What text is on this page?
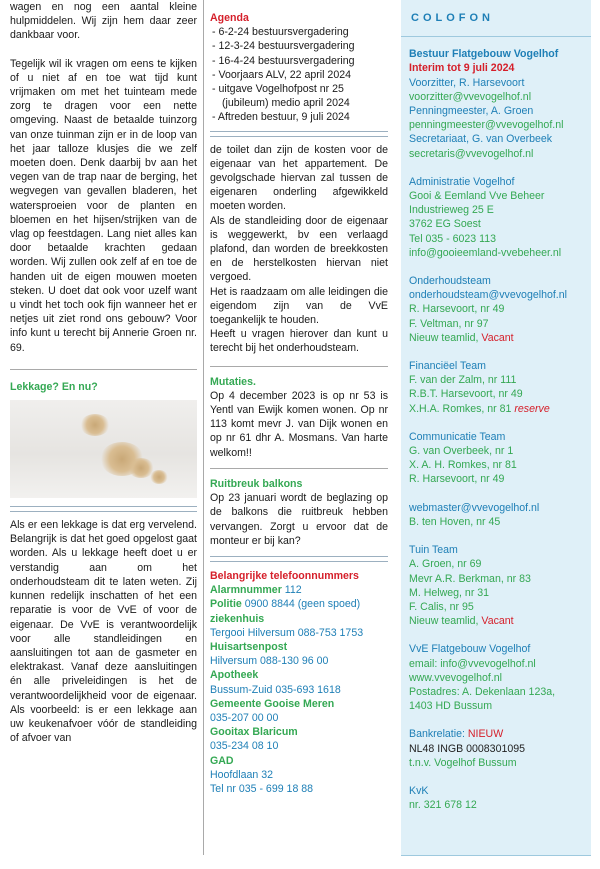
wagen en nog een aantal kleine hulpmiddelen. Wij zijn hem daar zeer dankbaar voor.

Tegelijk wil ik vragen om eens te kijken of u niet af en toe wat tijd kunt vrijmaken om met het tuinteam mede zorg te dragen voor een nette omgeving. Naast de betaalde tuinzorg van onze tuinman zijn er in de loop van het jaar talloze klusjes die we zelf moeten doen. Denk daarbij bv aan het vegen van de trap naar de berging, het wegvegen van gevallen bladeren, het watersproeien voor de planten en bloemen en het hijsen/strijken van de vlag op feestdagen. Lang niet alles kan door betaalde krachten gedaan worden. Wij zullen ook zelf af en toe de handen uit de eigen mouwen moeten steken. U doet dat ook voor uzelf want u vindt het toch ook fijn wanneer het er netjes uit ziet rond ons gebouw? Voor info kunt u terecht bij Annerie Groen nr. 69.

Lekkage? En nu?

Als er een lekkage is dat erg vervelend. Belangrijk is dat het goed opgelost gaat worden. Als u lekkage heeft doet u er verstandig aan om het onderhoudsteam dit te laten weten. Zij kunnen redelijk inschatten of het een reparatie is voor de VvE of voor de eigenaar. De VvE is verantwoordelijk voor alle standleidingen en aansluitingen tot aan de gasmeter en elektrakast. Vanaf deze aansluitingen én alle priveleidingen is het de verantwoordelijkheid voor de eigenaar. Als voorbeeld: is er een lekkage aan uw keukenafvoer vóór de standleiding of afvoer van

Agenda

- 6-2-24 bestuursvergadering
- 12-3-24 bestuursvergadering
- 16-4-24 bestuursvergadering
- Voorjaars ALV, 22 april 2024
- uitgave Vogelhofpost nr 25 (jubileum) medio april 2024
- Aftreden bestuur, 9 juli 2024

de toilet dan zijn de kosten voor de eigenaar van het appartement. De gevolgschade hiervan zal tussen de eigenaren onderling afgewikkeld moeten worden.

Als de standleiding door de eigenaar is weggewerkt, bv een verlaagd plafond, dan worden de breekkosten en de herstelkosten hiervan niet vergoed.

Het is raadzaam om alle leidingen die eigendom zijn van de VvE toegankelijk te houden.

Heeft u vragen hierover dan kunt u terecht bij het onderhoudsteam.

Mutaties.

Op 4 december 2023 is op nr 53 is Yentl van Ewijk komen wonen. Op nr 113 komt mevr J. van Dijk wonen en op nr 61 dhr A. Mosmans. Van harte welkom!!

Ruitbreuk balkons

Op 23 januari wordt de beglazing op de balkons die ruitbreuk hebben vervangen. Zorgt u ervoor dat de monteur er bij kan?

Belangrijke telefoonnummers

Alarmnummer 112

Politie 0900 8844 (geen spoed)

ziekenhuis

Tergooi Hilversum 088-753 1753

Huisartsenpost

Hilversum 088-130 96 00

Apotheek

Bussum-Zuid 035-693 1618

Gemeente Gooise Meren

035-207 00 00

Gooitax Blaricum

035-234 08 10

GAD

Hoofdlaan 32

Tel nr 035 - 699 18 88

COLOFON

Bestuur Flatgebouw Vogelhof

Interim tot 9 juli 2024

Voorzitter, R. Harsevoort

voorzitter@vvevogelhof.nl

Penningmeester, A. Groen

penningmeester@vvevogelhof.nl

Secretariaat, G. van Overbeek

secretaris@vvevogelhof.nl

Administratie Vogelhof

Gooi & Eemland Vve Beheer

Industrieweg 25 E

3762 EG Soest

Tel 035 - 6023 113

info@gooieemland-vvebeheer.nl

Onderhoudsteam

onderhoudsteam@vvevogelhof.nl

R. Harsevoort, nr 49

F. Veltman, nr 97

Nieuw teamlid, Vacant

Financiëel Team

F. van der Zalm, nr 111

R.B.T. Harsevoort, nr 49

X.H.A. Romkes, nr 81 reserve

Communicatie Team

G. van Overbeek, nr 1

X. A. H. Romkes, nr 81

R. Harsevoort, nr 49

webmaster@vvevogelhof.nl

B. ten Hoven, nr 45

Tuin Team

A. Groen, nr 69

Mevr A.R. Berkman, nr 83

M. Helweg, nr 31

F. Calis, nr 95

Nieuw teamlid, Vacant

VvE Flatgebouw Vogelhof

email: info@vvevogelhof.nl

www.vvevogelhof.nl

Postadres: A. Dekenlaan 123a,

1403 HD Bussum

Bankrelatie: NIEUW

NL48 INGB 0008301095

t.n.v. Vogelhof Bussum

KvK

nr. 321 678 12
